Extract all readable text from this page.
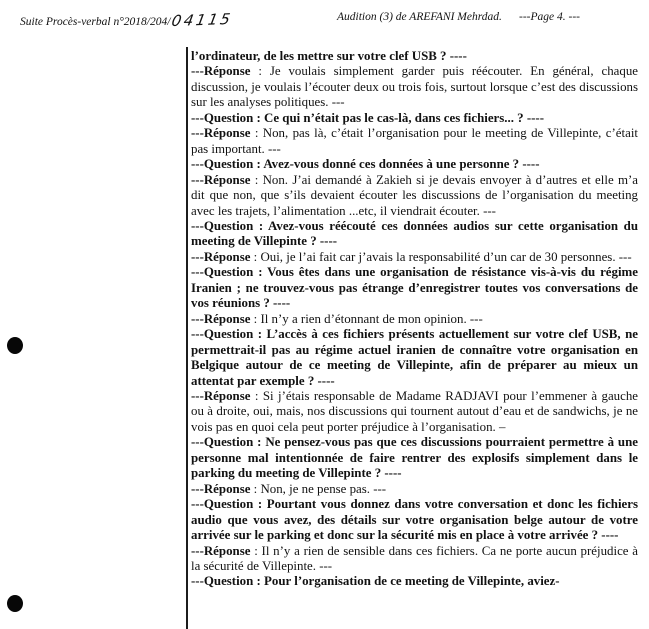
Suite Procès-verbal n°2018/204/04115	Audition (3) de AREFANI Mehrdad. ---Page 4. ---

l’ordinateur, de les mettre sur votre clef USB ? ----

---Réponse : Je voulais simplement garder puis réécouter. En général, chaque discussion, je voulais l’écouter deux ou trois fois, surtout lorsque c’est des discussions sur les analyses politiques. ---

---Question : Ce qui n’était pas le cas-là, dans ces fichiers... ? ----

---Réponse : Non, pas là, c’était l’organisation pour le meeting de Villepinte, c’était pas important. ---

---Question : Avez-vous donné ces données à une personne ? ----

---Réponse : Non. J’ai demandé à Zakieh si je devais envoyer à d’autres et elle m’a dit que non, que s’ils devaient écouter les discussions de l’organisation du meeting avec les trajets, l’alimentation ...etc, il viendrait écouter. ---

---Question : Avez-vous réécouté ces données audios sur cette organisation du meeting de Villepinte ? ----

---Réponse : Oui, je l’ai fait car j’avais la responsabilité d’un car de 30 personnes. ---

---Question : Vous êtes dans une organisation de résistance vis-à-vis du régime Iranien ; ne trouvez-vous pas étrange d’enregistrer toutes vos conversations de vos réunions ? ----

---Réponse : Il n’y a rien d’étonnant de mon opinion. ---

---Question : L’accès à ces fichiers présents actuellement sur votre clef USB, ne permettrait-il pas au régime actuel iranien de connaître votre organisation en Belgique autour de ce meeting de Villepinte, afin de préparer au mieux un attentat par exemple ? ----

---Réponse : Si j’étais responsable de Madame RADJAVI pour l’emmener à gauche ou à droite, oui, mais, nos discussions qui tournent autout d’eau et de sandwichs, je ne vois pas en quoi cela peut porter préjudice à l’organisation. –

---Question : Ne pensez-vous pas que ces discussions pourraient permettre à une personne mal intentionnée de faire rentrer des explosifs simplement dans le parking du meeting de Villepinte ? ----

---Réponse : Non, je ne pense pas. ---

---Question : Pourtant vous donnez dans votre conversation et donc les fichiers audio que vous avez, des détails sur votre organisation belge autour de votre arrivée sur le parking et donc sur la sécurité mis en place à votre arrivée ? ----

---Réponse : Il n’y a rien de sensible dans ces fichiers. Ca ne porte aucun préjudice à la sécurité de Villepinte. ---

---Question : Pour l’organisation de ce meeting de Villepinte, aviez-
